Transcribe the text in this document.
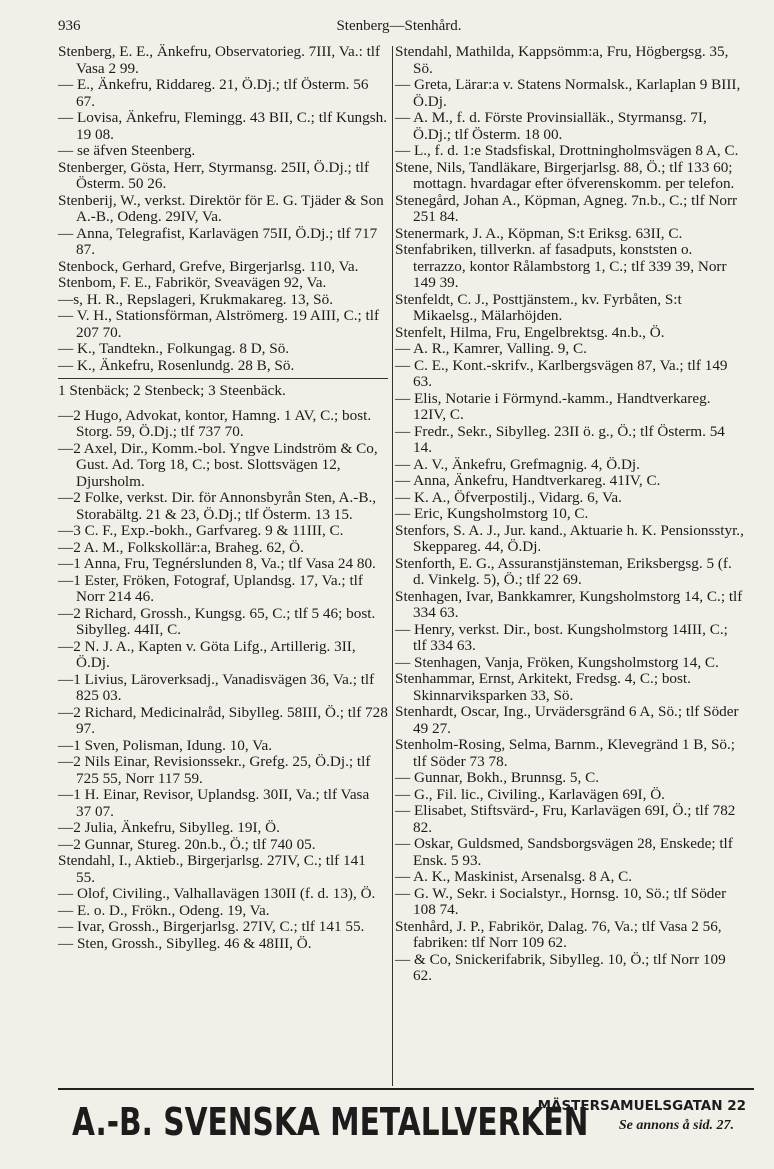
936	Stenberg—Stenhård.

Stenberg, E. E., Änkefru, Observatorieg. 7III, Va.: tlf Vasa 2 99.

— E., Änkefru, Riddareg. 21, Ö.Dj.; tlf Österm. 56 67.

— Lovisa, Änkefru, Flemingg. 43 BII, C.; tlf Kungsh. 19 08.

— se äfven Steenberg.

Stenberger, Gösta, Herr, Styrmansg. 25II, Ö.Dj.; tlf Österm. 50 26.

Stenberij, W., verkst. Direktör för E. G. Tjäder & Son A.-B., Odeng. 29IV, Va.

— Anna, Telegrafist, Karlavägen 75II, Ö.Dj.; tlf 717 87.

Stenbock, Gerhard, Grefve, Birgerjarlsg. 110, Va.

Stenbom, F. E., Fabrikör, Sveavägen 92, Va.

—s, H. R., Repslageri, Krukmakareg. 13, Sö.

— V. H., Stationsförman, Alströmerg. 19 AIII, C.; tlf 207 70.

— K., Tandtekn., Folkungag. 8 D, Sö.

— K., Änkefru, Rosenlundg. 28 B, Sö.

1 Stenbäck; 2 Stenbeck; 3 Steenbäck.

—2 Hugo, Advokat, kontor, Hamng. 1 AV, C.; bost. Storg. 59, Ö.Dj.; tlf 737 70.

—2 Axel, Dir., Komm.-bol. Yngve Lindström & Co, Gust. Ad. Torg 18, C.; bost. Slottsvägen 12, Djursholm.

—2 Folke, verkst. Dir. för Annonsbyrån Sten, A.-B., Storabältg. 21 & 23, Ö.Dj.; tlf Österm. 13 15.

—3 C. F., Exp.-bokh., Garfvareg. 9 & 11III, C.

—2 A. M., Folkskollär:a, Braheg. 62, Ö.

—1 Anna, Fru, Tegnérslunden 8, Va.; tlf Vasa 24 80.

—1 Ester, Fröken, Fotograf, Uplandsg. 17, Va.; tlf Norr 214 46.

—2 Richard, Grossh., Kungsg. 65, C.; tlf 5 46; bost. Sibylleg. 44II, C.

—2 N. J. A., Kapten v. Göta Lifg., Artillerig. 3II, Ö.Dj.

—1 Livius, Läroverksadj., Vanadisvägen 36, Va.; tlf 825 03.

—2 Richard, Medicinalråd, Sibylleg. 58III, Ö.; tlf 728 97.

—1 Sven, Polisman, Idung. 10, Va.

—2 Nils Einar, Revisionssekr., Grefg. 25, Ö.Dj.; tlf 725 55, Norr 117 59.

—1 H. Einar, Revisor, Uplandsg. 30II, Va.; tlf Vasa 37 07.

—2 Julia, Änkefru, Sibylleg. 19I, Ö.

—2 Gunnar, Stureg. 20n.b., Ö.; tlf 740 05.

Stendahl, I., Aktieb., Birgerjarlsg. 27IV, C.; tlf 141 55.

— Olof, Civiling., Valhallavägen 130II (f. d. 13), Ö.

— E. o. D., Frökn., Odeng. 19, Va.

— Ivar, Grossh., Birgerjarlsg. 27IV, C.; tlf 141 55.

— Sten, Grossh., Sibylleg. 46 & 48III, Ö.

Stendahl, Mathilda, Kappsömm:a, Fru, Högbergsg. 35, Sö.

— Greta, Lärar:a v. Statens Normalsk., Karlaplan 9 BIII, Ö.Dj.

— A. M., f. d. Förste Provinsialläk., Styrmansg. 7I, Ö.Dj.; tlf Österm. 18 00.

— L., f. d. 1:e Stadsfiskal, Drottningholmsvägen 8 A, C.

Stene, Nils, Tandläkare, Birgerjarlsg. 88, Ö.; tlf 133 60; mottagn. hvardagar efter öfverenskomm. per telefon.

Stenegård, Johan A., Köpman, Agneg. 7n.b., C.; tlf Norr 251 84.

Stenermark, J. A., Köpman, S:t Eriksg. 63II, C.

Stenfabriken, tillverkn. af fasadputs, konststen o. terrazzo, kontor Rålambstorg 1, C.; tlf 339 39, Norr 149 39.

Stenfeldt, C. J., Posttjänstem., kv. Fyrbåten, S:t Mikaelsg., Mälarhöjden.

Stenfelt, Hilma, Fru, Engelbrektsg. 4n.b., Ö.

— A. R., Kamrer, Valling. 9, C.

— C. E., Kont.-skrifv., Karlbergsvägen 87, Va.; tlf 149 63.

— Elis, Notarie i Förmynd.-kamm., Handtverkareg. 12IV, C.

— Fredr., Sekr., Sibylleg. 23II ö. g., Ö.; tlf Österm. 54 14.

— A. V., Änkefru, Grefmagnig. 4, Ö.Dj.

— Anna, Änkefru, Handtverkareg. 41IV, C.

— K. A., Öfverpostilj., Vidarg. 6, Va.

— Eric, Kungsholmstorg 10, C.

Stenfors, S. A. J., Jur. kand., Aktuarie h. K. Pensionsstyr., Skeppareg. 44, Ö.Dj.

Stenforth, E. G., Assuranstjänsteman, Eriksbergsg. 5 (f. d. Vinkelg. 5), Ö.; tlf 22 69.

Stenhagen, Ivar, Bankkamrer, Kungsholmstorg 14, C.; tlf 334 63.

— Henry, verkst. Dir., bost. Kungsholmstorg 14III, C.; tlf 334 63.

— Stenhagen, Vanja, Fröken, Kungsholmstorg 14, C.

Stenhammar, Ernst, Arkitekt, Fredsg. 4, C.; bost. Skinnarviksparken 33, Sö.

Stenhardt, Oscar, Ing., Urvädersgränd 6 A, Sö.; tlf Söder 49 27.

Stenholm-Rosing, Selma, Barnm., Klevegränd 1 B, Sö.; tlf Söder 73 78.

— Gunnar, Bokh., Brunnsg. 5, C.

— G., Fil. lic., Civiling., Karlavägen 69I, Ö.

— Elisabet, Stiftsvärd-, Fru, Karlavägen 69I, Ö.; tlf 782 82.

— Oskar, Guldsmed, Sandsborgsvägen 28, Enskede; tlf Ensk. 5 93.

— A. K., Maskinist, Arsenalsg. 8 A, C.

— G. W., Sekr. i Socialstyr., Hornsg. 10, Sö.; tlf Söder 108 74.

Stenhård, J. P., Fabrikör, Dalag. 76, Va.; tlf Vasa 2 56, fabriken: tlf Norr 109 62.

— & Co, Snickerifabrik, Sibylleg. 10, Ö.; tlf Norr 109 62.

A.-B. SVENSKA METALLVERKEN
MÄSTERSAMUELSGATAN 22
Se annons å sid. 27.
